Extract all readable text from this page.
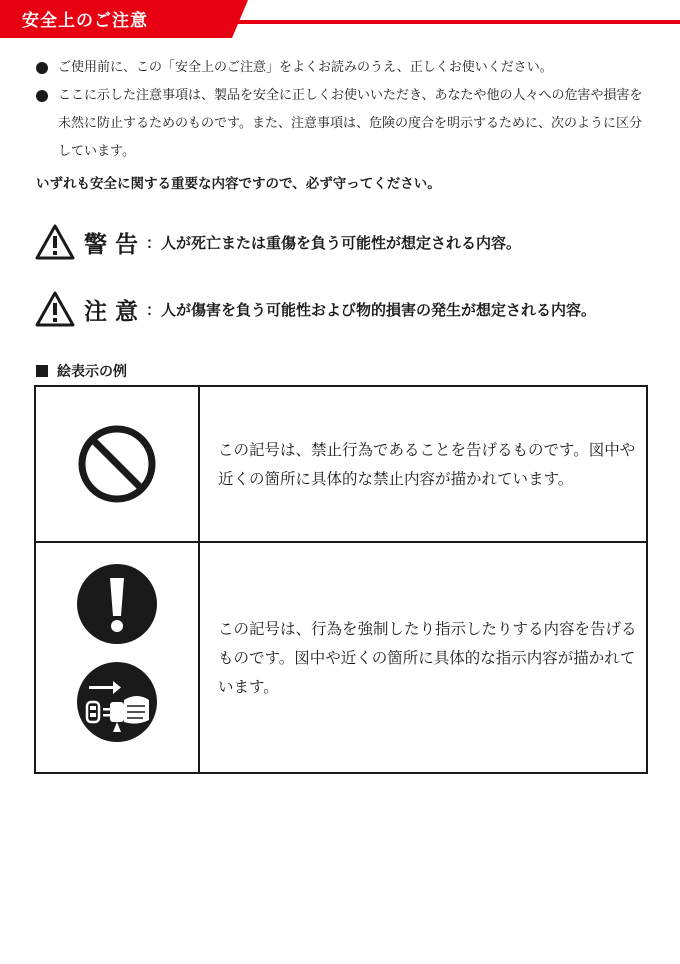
安全上のご注意
ご使用前に、この「安全上のご注意」をよくお読みのうえ、正しくお使いください。
ここに示した注意事項は、製品を安全に正しくお使いいただき、あなたや他の人々への危害や損害を未然に防止するためのものです。また、注意事項は、危険の度合を明示するために、次のように区分しています。
いずれも安全に関する重要な内容ですので、必ず守ってください。
警告 ：人が死亡または重傷を負う可能性が想定される内容。
注意 ：人が傷害を負う可能性および物的損害の発生が想定される内容。
絵表示の例
この記号は、禁止行為であることを告げるものです。図中や近くの箇所に具体的な禁止内容が描かれています。
この記号は、行為を強制したり指示したりする内容を告げるものです。図中や近くの箇所に具体的な指示内容が描かれています。
